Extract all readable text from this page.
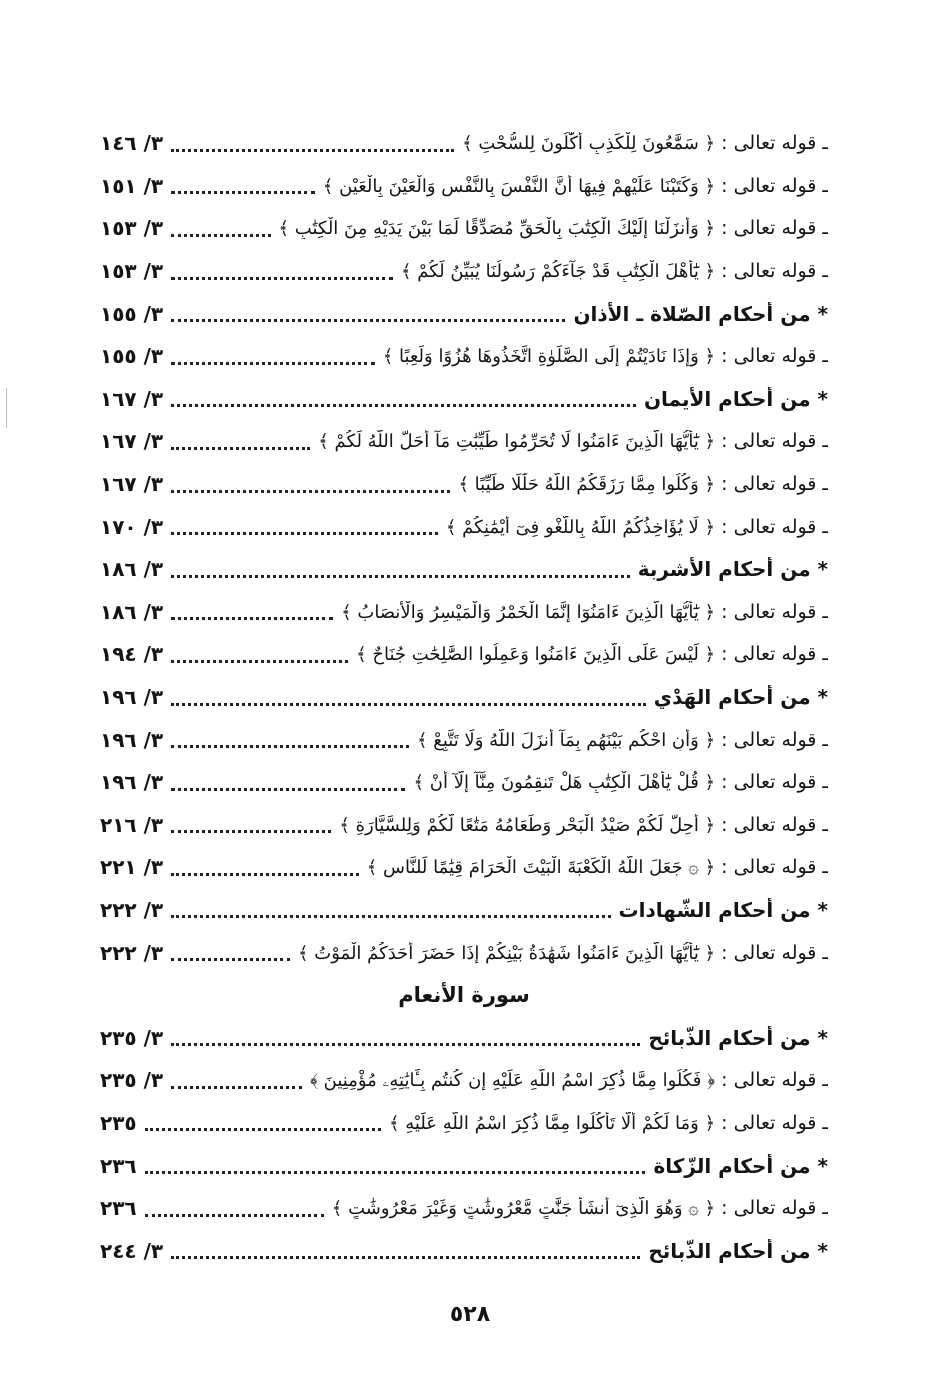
ـ قوله تعالى : ﴿ سَمَّٰعُونَ لِلْكَذِبِ أَكَّٰلُونَ لِلسُّحْتِ ﴾
٣/ ١٤٦
ـ قوله تعالى : ﴿ وَكَتَبْنَا عَلَيْهِمْ فِيهَا أَنَّ النَّفْسَ بِالنَّفْسِ وَالْعَيْنَ بِالْعَيْنِ ﴾
٣/ ١٥١
ـ قوله تعالى : ﴿ وَأَنزَلْنَا إِلَيْكَ الْكِتَٰبَ بِالْحَقِّ مُصَدِّقًا لِّمَا بَيْنَ يَدَيْهِ مِنَ الْكِتَٰبِ ﴾
٣/ ١٥٣
ـ قوله تعالى : ﴿ يَٰٓأَهْلَ الْكِتَٰبِ قَدْ جَآءَكُمْ رَسُولُنَا يُبَيِّنُ لَكُمْ ﴾
٣/ ١٥٣
* من أحكام الصّلاة ـ الأذان
٣/ ١٥٥
ـ قوله تعالى : ﴿ وَإِذَا نَادَيْتُمْ إِلَى الصَّلَوٰةِ اتَّخَذُوهَا هُزُوًا وَلَعِبًا ﴾
٣/ ١٥٥
* من أحكام الأيمان
٣/ ١٦٧
ـ قوله تعالى : ﴿ يَٰٓأَيُّهَا الَّذِينَ ءَامَنُوا لَا تُحَرِّمُوا طَيِّبَٰتِ مَآ أَحَلَّ اللَّهُ لَكُمْ ﴾
٣/ ١٦٧
ـ قوله تعالى : ﴿ وَكُلُوا مِمَّا رَزَقَكُمُ اللَّهُ حَلَٰلًا طَيِّبًا ﴾
٣/ ١٦٧
ـ قوله تعالى : ﴿ لَا يُؤَاخِذُكُمُ اللَّهُ بِاللَّغْوِ فِىٓ أَيْمَٰنِكُمْ ﴾
٣/ ١٧٠
* من أحكام الأشربة
٣/ ١٨٦
ـ قوله تعالى : ﴿ يَٰٓأَيُّهَا الَّذِينَ ءَامَنُوٓا إِنَّمَا الْخَمْرُ وَالْمَيْسِرُ وَالْأَنصَابُ ﴾
٣/ ١٨٦
ـ قوله تعالى : ﴿ لَيْسَ عَلَى الَّذِينَ ءَامَنُوا وَعَمِلُوا الصَّٰلِحَٰتِ جُنَاحٌ ﴾
٣/ ١٩٤
* من أحكام الهَدْي
٣/ ١٩٦
ـ قوله تعالى : ﴿ وَأَنِ احْكُم بَيْنَهُم بِمَآ أَنزَلَ اللَّهُ وَلَا تَتَّبِعْ ﴾
٣/ ١٩٦
ـ قوله تعالى : ﴿ قُلْ يَٰٓأَهْلَ الْكِتَٰبِ هَلْ تَنقِمُونَ مِنَّآ إِلَّآ أَنْ ﴾
٣/ ١٩٦
ـ قوله تعالى : ﴿ أُحِلَّ لَكُمْ صَيْدُ الْبَحْرِ وَطَعَامُهُ مَتَٰعًا لَّكُمْ وَلِلسَّيَّارَةِ ﴾
٣/ ٢١٦
ـ قوله تعالى : ﴿ ۞ جَعَلَ اللَّهُ الْكَعْبَةَ الْبَيْتَ الْحَرَامَ قِيَٰمًا لِّلنَّاسِ ﴾
٣/ ٢٢١
* من أحكام الشّهادات
٣/ ٢٢٢
ـ قوله تعالى : ﴿ يَٰٓأَيُّهَا الَّذِينَ ءَامَنُوا شَهَٰدَةُ بَيْنِكُمْ إِذَا حَضَرَ أَحَدَكُمُ الْمَوْتُ ﴾
٣/ ٢٢٢
سورة الأنعام
* من أحكام الذّبائح
٣/ ٢٣٥
ـ قوله تعالى : ﴿ فَكُلُوا مِمَّا ذُكِرَ اسْمُ اللَّهِ عَلَيْهِ إِن كُنتُم بِـَٔايَٰتِهِۦ مُؤْمِنِينَ ﴾
٣/ ٢٣٥
ـ قوله تعالى : ﴿ وَمَا لَكُمْ أَلَّا تَأْكُلُوا مِمَّا ذُكِرَ اسْمُ اللَّهِ عَلَيْهِ ﴾
٢٣٥
* من أحكام الزّكاة
٢٣٦
ـ قوله تعالى : ﴿ ۞ وَهُوَ الَّذِىٓ أَنشَأَ جَنَّٰتٍ مَّعْرُوشَٰتٍ وَغَيْرَ مَعْرُوشَٰتٍ ﴾
٢٣٦
* من أحكام الذّبائح
٣/ ٢٤٤
٥٢٨
